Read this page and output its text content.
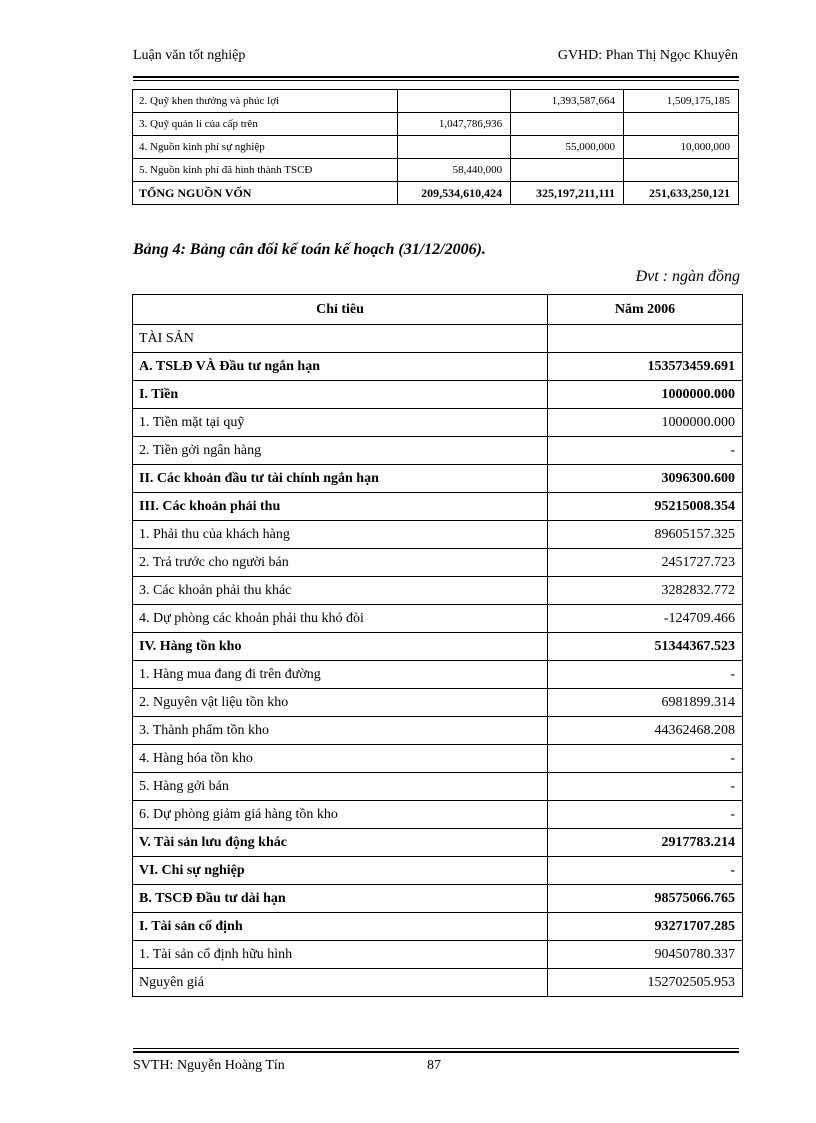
Luận văn tốt nghiệp	GVHD: Phan Thị Ngọc Khuyên
2. Quỹ khen thưởng và phúc lợi		1,393,587,664	1,509,175,185
3. Quỹ quản lí của cấp trên	1,047,786,936		
4. Nguồn kinh phí sự nghiệp		55,000,000	10,000,000
5. Nguồn kinh phí đã hình thành TSCĐ	58,440,000		
TỔNG NGUỒN VỐN	209,534,610,424	325,197,211,111	251,633,250,121
Bảng 4: Bảng cân đối kế toán kế hoạch (31/12/2006).
Đvt : ngàn đồng
Chỉ tiêu	Năm 2006
TÀI SẢN	
A. TSLĐ VÀ Đầu tư ngắn hạn	153573459.691
I. Tiền	1000000.000
1. Tiền mặt tại quỹ	1000000.000
2. Tiền gởi ngân hàng	-
II. Các khoản đầu tư tài chính ngắn hạn	3096300.600
III. Các khoản phải thu	95215008.354
1. Phải thu của khách hàng	89605157.325
2. Trả trước cho người bán	2451727.723
3. Các khoản phải thu khác	3282832.772
4. Dự phòng các khoản phải thu khó đòi	-124709.466
IV. Hàng tồn kho	51344367.523
1. Hàng mua đang đi trên đường	-
2. Nguyên vật liệu tồn kho	6981899.314
3. Thành phẩm tồn kho	44362468.208
4. Hàng hóa tồn kho	-
5. Hàng gởi bán	-
6. Dự phòng giảm giá hàng tồn kho	-
V. Tài sản lưu động khác	2917783.214
VI. Chi sự nghiệp	-
B. TSCĐ Đầu tư dài hạn	98575066.765
I. Tài sản cố định	93271707.285
1. Tài sản cố định hữu hình	90450780.337
Nguyên giá	152702505.953
SVTH: Nguyễn Hoàng Tín	87
